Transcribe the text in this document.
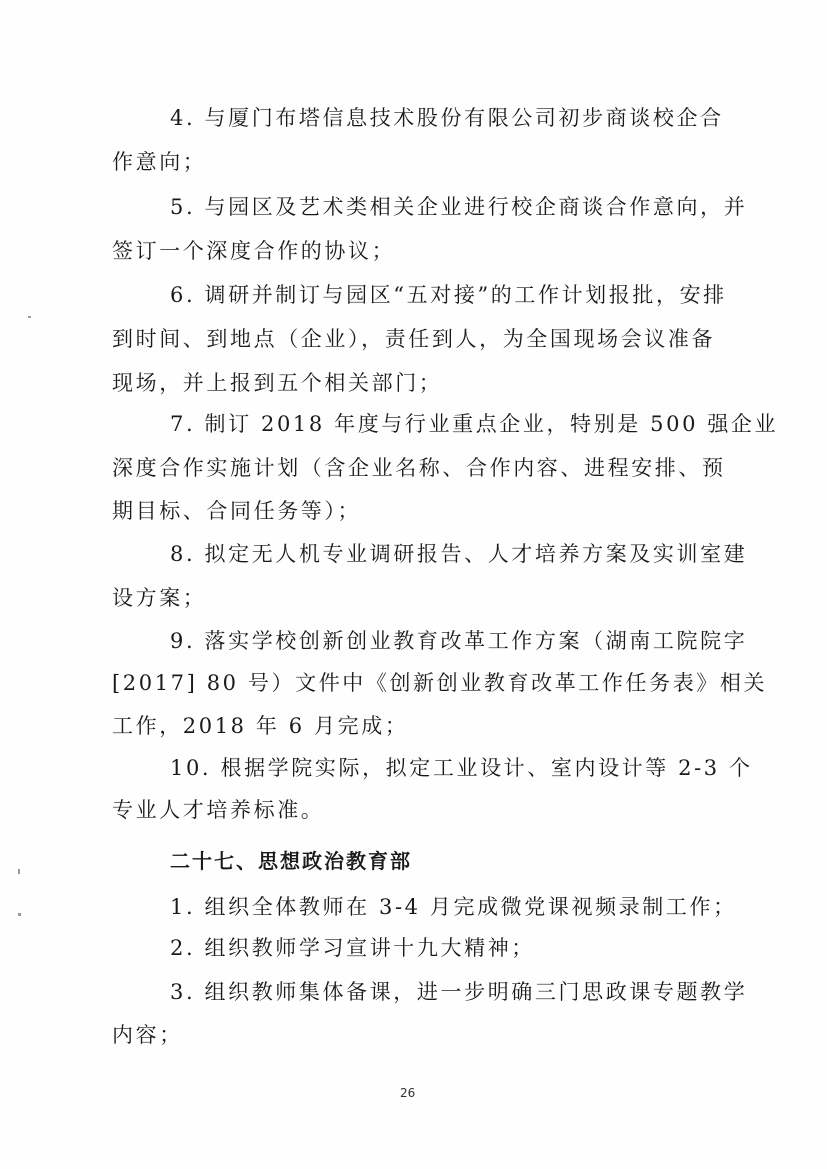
4. 与厦门布塔信息技术股份有限公司初步商谈校企合
作意向；
5. 与园区及艺术类相关企业进行校企商谈合作意向，并
签订一个深度合作的协议；
6. 调研并制订与园区“五对接”的工作计划报批，安排
到时间、到地点（企业），责任到人，为全国现场会议准备
现场，并上报到五个相关部门；
7. 制订 2018 年度与行业重点企业，特别是 500 强企业
深度合作实施计划（含企业名称、合作内容、进程安排、预
期目标、合同任务等）；
8. 拟定无人机专业调研报告、人才培养方案及实训室建
设方案；
9. 落实学校创新创业教育改革工作方案（湖南工院院字
[2017] 80 号）文件中《创新创业教育改革工作任务表》相关
工作，2018 年 6 月完成；
10. 根据学院实际，拟定工业设计、室内设计等 2-3 个
专业人才培养标准。
二十七、思想政治教育部
1. 组织全体教师在 3-4 月完成微党课视频录制工作；
2. 组织教师学习宣讲十九大精神；
3. 组织教师集体备课，进一步明确三门思政课专题教学
内容；
26
